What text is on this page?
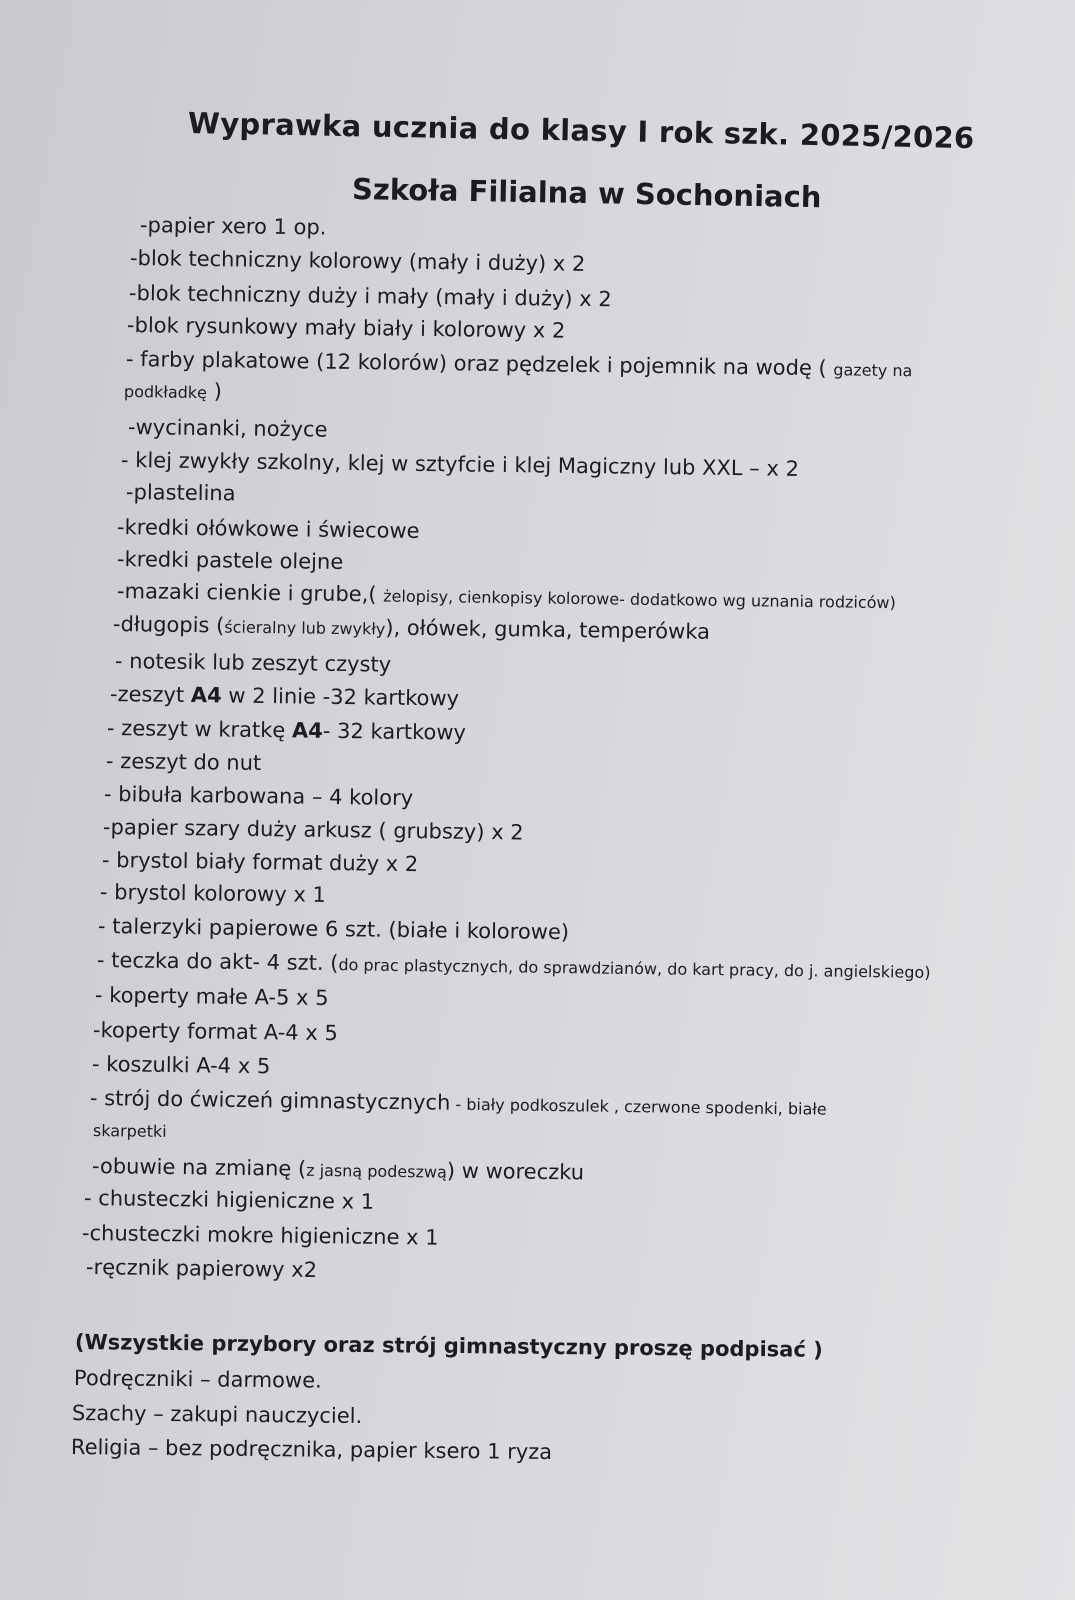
Wyprawka ucznia do klasy I rok szk. 2025/2026
Szkoła Filialna w Sochoniach
-papier xero 1 op.
-blok techniczny kolorowy (mały i duży) x 2
-blok techniczny duży i mały (mały i duży) x 2
-blok rysunkowy mały biały i kolorowy x 2
- farby plakatowe (12 kolorów) oraz pędzelek i pojemnik na wodę ( gazety na
podkładkę )
-wycinanki, nożyce
- klej zwykły szkolny, klej w sztyfcie i klej Magiczny lub XXL – x 2
-plastelina
-kredki ołówkowe i świecowe
-kredki pastele olejne
-mazaki cienkie i grube,( żelopisy, cienkopisy kolorowe- dodatkowo wg uznania rodziców)
-długopis (ścieralny lub zwykły), ołówek, gumka, temperówka
- notesik lub zeszyt czysty
-zeszyt A4 w 2 linie -32 kartkowy
- zeszyt w kratkę A4- 32 kartkowy
- zeszyt do nut
- bibuła karbowana – 4 kolory
-papier szary duży arkusz ( grubszy) x 2
- brystol biały format duży x 2
- brystol kolorowy x 1
- talerzyki papierowe 6 szt. (białe i kolorowe)
- teczka do akt- 4 szt. (do prac plastycznych, do sprawdzianów, do kart pracy, do j. angielskiego)
- koperty małe A-5 x 5
-koperty format A-4 x 5
- koszulki A-4 x 5
- strój do ćwiczeń gimnastycznych - biały podkoszulek , czerwone spodenki, białe
skarpetki
-obuwie na zmianę (z jasną podeszwą) w woreczku
- chusteczki higieniczne x 1
-chusteczki mokre higieniczne x 1
-ręcznik papierowy x2
(Wszystkie przybory oraz strój gimnastyczny proszę podpisać )
Podręczniki – darmowe.
Szachy – zakupi nauczyciel.
Religia – bez podręcznika, papier ksero 1 ryza
